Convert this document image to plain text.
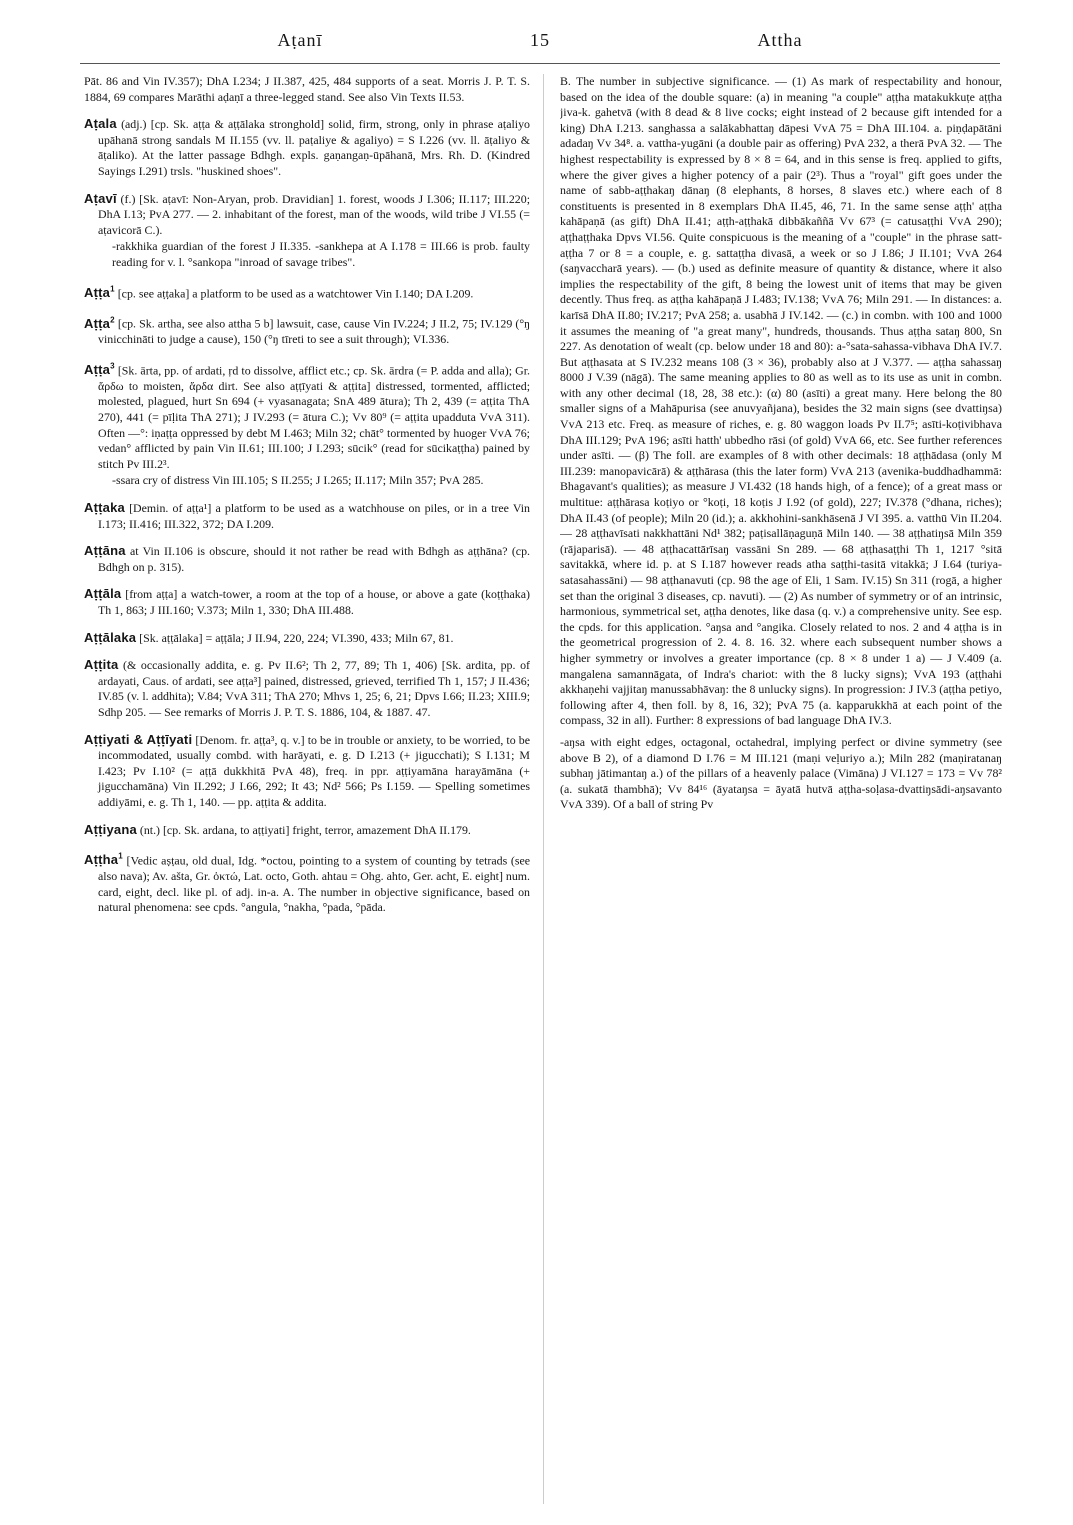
Aṭanī	15	Attha
Pāt. 86 and Vin IV.357); DhA I.234; J II.387, 425, 484 supports of a seat. Morris J. P. T. S. 1884, 69 compares Marāthi aḍaṇī a three-legged stand. See also Vin Texts II.53.
Aṭala (adj.) [cp. Sk. aṭṭa & aṭṭālaka stronghold] solid, firm, strong, only in phrase aṭaliyo upāhanā strong sandals M II.155 (vv. ll. paṭaliye & agaliyo) = S I.226 (vv. ll. āṭaliyo & āṭaliko). At the latter passage Bdhgh. expls. gaṇangaṇ-ūpāhanā, Mrs. Rh. D. (Kindred Sayings I.291) trsls. "huskined shoes".
Aṭavī (f.) [Sk. aṭavī: Non-Aryan, prob. Dravidian] 1. forest, woods J I.306; II.117; III.220; DhA I.13; PvA 277. — 2. inhabitant of the forest, man of the woods, wild tribe J VI.55 (= aṭavicorā C.).
-rakkhika guardian of the forest J II.335. -sankhepa at A I.178 = III.66 is prob. faulty reading for v. l. °sankopa "inroad of savage tribes".
Aṭṭa$^1$ [cp. see aṭṭaka] a platform to be used as a watchtower Vin I.140; DA I.209.
Aṭṭa$^2$ [cp. Sk. artha, see also attha 5 b] lawsuit, case, cause Vin IV.224; J II.2, 75; IV.129 (°ŋ vinicchināti to judge a cause), 150 (°ŋ tīreti to see a suit through); VI.336.
Aṭṭa$^3$ [Sk. ārta, pp. of ardati, ṛd to dissolve, afflict etc.; cp. Sk. ārdra (= P. adda and alla); Gr. ἄρδω to moisten, ἄρδα dirt. See also aṭṭīyati & aṭṭita] distressed, tormented, afflicted; molested, plagued, hurt Sn 694 (+ vyasanagata; SnA 489 ātura); Th 2, 439 (= aṭṭita ThA 270), 441 (= pīḷita ThA 271); J IV.293 (= ātura C.); Vv 80⁹ (= aṭṭita upadduta VvA 311). Often —°: iṇaṭṭa oppressed by debt M I.463; Miln 32; chāt° tormented by huoger VvA 76; vedan° afflicted by pain Vin II.61; III.100; J I.293; sūcik° (read for sūcikaṭṭha) pained by stitch Pv III.2³.
-ssara cry of distress Vin III.105; S II.255; J I.265; II.117; Miln 357; PvA 285.
Aṭṭaka [Demin. of aṭṭa¹] a platform to be used as a watchhouse on piles, or in a tree Vin I.173; II.416; III.322, 372; DA I.209.
Aṭṭāna at Vin II.106 is obscure, should it not rather be read with Bdhgh as aṭṭhāna? (cp. Bdhgh on p. 315).
Aṭṭāla [from aṭṭa] a watch-tower, a room at the top of a house, or above a gate (koṭṭhaka) Th 1, 863; J III.160; V.373; Miln 1, 330; DhA III.488.
Aṭṭālaka [Sk. aṭṭālaka] = aṭṭāla; J II.94, 220, 224; VI.390, 433; Miln 67, 81.
Aṭṭita (& occasionally addita, e. g. Pv II.6²; Th 2, 77, 89; Th 1, 406) [Sk. ardita, pp. of ardayati, Caus. of ardati, see aṭṭa³] pained, distressed, grieved, terrified Th 1, 157; J II.436; IV.85 (v. l. addhita); V.84; VvA 311; ThA 270; Mhvs 1, 25; 6, 21; Dpvs I.66; II.23; XIII.9; Sdhp 205. — See remarks of Morris J. P. T. S. 1886, 104, & 1887. 47.
Aṭṭiyati & Aṭṭīyati [Denom. fr. aṭṭa³, q. v.] to be in trouble or anxiety, to be worried, to be incommodated, usually combd. with harāyati, e. g. D I.213 (+ jigucchati); S I.131; M I.423; Pv I.10² (= aṭṭā dukkhitā PvA 48), freq. in ppr. aṭṭiyamāna harayāmāna (+ jigucchamāna) Vin II.292; J I.66, 292; It 43; Nd² 566; Ps I.159. — Spelling sometimes addiyāmi, e. g. Th 1, 140. — pp. aṭṭita & addita.
Aṭṭiyana (nt.) [cp. Sk. ardana, to aṭṭiyati] fright, terror, amazement DhA II.179.
Aṭṭha$^1$ [Vedic aṣṭau, old dual, Idg. *octou, pointing to a system of counting by tetrads (see also nava); Av. ašta, Gr. ὀκτώ, Lat. octo, Goth. ahtau = Ohg. ahto, Ger. acht, E. eight] num. card, eight, decl. like pl. of adj. in-a. A. The number in objective significance, based on natural phenomena: see cpds. °angula, °nakha, °pada, °pāda.
B. The number in subjective significance. — (1) As mark of respectability and honour, based on the idea of the double square: (a) in meaning "a couple" aṭṭha matakukkuṭe aṭṭha jiva-k. gahetvā (with 8 dead & 8 live cocks; eight instead of 2 because gift intended for a king) DhA I.213. sanghassa a salākabhattaŋ dāpesi VvA 75 = DhA III.104. a. piṇḍapātāni adadaŋ Vv 34⁸. a. vattha-yugāni (a double pair as offering) PvA 232, a therā PvA 32. — The highest respectability is expressed by 8 × 8 = 64, and in this sense is freq. applied to gifts, where the giver gives a higher potency of a pair (2³). Thus a "royal" gift goes under the name of sabb-aṭṭhakaŋ dānaŋ (8 elephants, 8 horses, 8 slaves etc.) where each of 8 constituents is presented in 8 exemplars DhA II.45, 46, 71. In the same sense aṭṭh' aṭṭha kahāpaṇā (as gift) DhA II.41; aṭṭh-aṭṭhakā dibbākaññā Vv 67³ (= catusaṭṭhi VvA 290); aṭṭhaṭṭhaka Dpvs VI.56. Quite conspicuous is the meaning of a "couple" in the phrase satt-aṭṭha 7 or 8 = a couple, e. g. sattaṭṭha divasā, a week or so J I.86; J II.101; VvA 264 (saŋvaccharā years). — (b.) used as definite measure of quantity & distance, where it also implies the respectability of the gift, 8 being the lowest unit of items that may be given decently. Thus freq. as aṭṭha kahāpaṇā J I.483; IV.138; VvA 76; Miln 291. — In distances: a. karīsā DhA II.80; IV.217; PvA 258; a. usabhā J IV.142. — (c.) in combn. with 100 and 1000 it assumes the meaning of "a great many", hundreds, thousands. Thus aṭṭha sataŋ 800, Sn 227. As denotation of wealt (cp. below under 18 and 80): a-°sata-sahassa-vibhava DhA IV.7. But aṭṭhasata at S IV.232 means 108 (3 × 36), probably also at J V.377. — aṭṭha sahassaŋ 8000 J V.39 (nāgā). The same meaning applies to 80 as well as to its use as unit in combn. with any other decimal (18, 28, 38 etc.): (α) 80 (asīti) a great many. Here belong the 80 smaller signs of a Mahāpurisa (see anuvyañjana), besides the 32 main signs (see dvattiŋsa) VvA 213 etc. Freq. as measure of riches, e. g. 80 waggon loads Pv II.7⁵; asīti-koṭivibhava DhA III.129; PvA 196; asīti hatth' ubbedho rāsi (of gold) VvA 66, etc. See further references under asīti. — (β) The foll. are examples of 8 with other decimals: 18 aṭṭhādasa (only M III.239: manopavicārā) & aṭṭhārasa (this the later form) VvA 213 (avenika-buddhadhammā: Bhagavant's qualities); as measure J VI.432 (18 hands high, of a fence); of a great mass or multitue: aṭṭhārasa koṭiyo or °koṭi, 18 koṭis J I.92 (of gold), 227; IV.378 (°dhana, riches); DhA II.43 (of people); Miln 20 (id.); a. akkhohini-sankhāsenā J VI 395. a. vatthū Vin II.204. — 28 aṭṭhavīsati nakkhattāni Nd¹ 382; paṭisallāṇaguṇā Miln 140. — 38 aṭṭhatiŋsā Miln 359 (rājaparisā). — 48 aṭṭhacattārīsaŋ vassāni Sn 289. — 68 aṭṭhasaṭṭhi Th 1, 1217 °sitā savitakkā, where id. p. at S I.187 however reads atha saṭṭhi-tasitā vitakkā; J I.64 (turiya-satasahassāni) — 98 aṭṭhanavuti (cp. 98 the age of Eli, 1 Sam. IV.15) Sn 311 (rogā, a higher set than the original 3 diseases, cp. navuti). — (2) As number of symmetry or of an intrinsic, harmonious, symmetrical set, aṭṭha denotes, like dasa (q. v.) a comprehensive unity. See esp. the cpds. for this application. °aŋsa and °angika. Closely related to nos. 2 and 4 aṭṭha is in the geometrical progression of 2. 4. 8. 16. 32. where each subsequent number shows a higher symmetry or involves a greater importance (cp. 8 × 8 under 1 a) — J V.409 (a. mangalena samannāgata, of Indra's chariot: with the 8 lucky signs); VvA 193 (aṭṭhahi akkhaṇehi vajjitaŋ manussabhāvaŋ: the 8 unlucky signs). In progression: J IV.3 (aṭṭha petiyo, following after 4, then foll. by 8, 16, 32); PvA 75 (a. kapparukkhā at each point of the compass, 32 in all). Further: 8 expressions of bad language DhA IV.3.
-aŋsa with eight edges, octagonal, octahedral, implying perfect or divine symmetry (see above B 2), of a diamond D I.76 = M III.121 (maṇi veḷuriyo a.); Miln 282 (maṇiratanaŋ subhaŋ jātimantaŋ a.) of the pillars of a heavenly palace (Vimāna) J VI.127 = 173 = Vv 78² (a. sukatā thambhā); Vv 84¹⁶ (āyataŋsa = āyatā hutvā aṭṭha-soḷasa-dvattiŋsādi-aŋsavanto VvA 339). Of a ball of string Pv
